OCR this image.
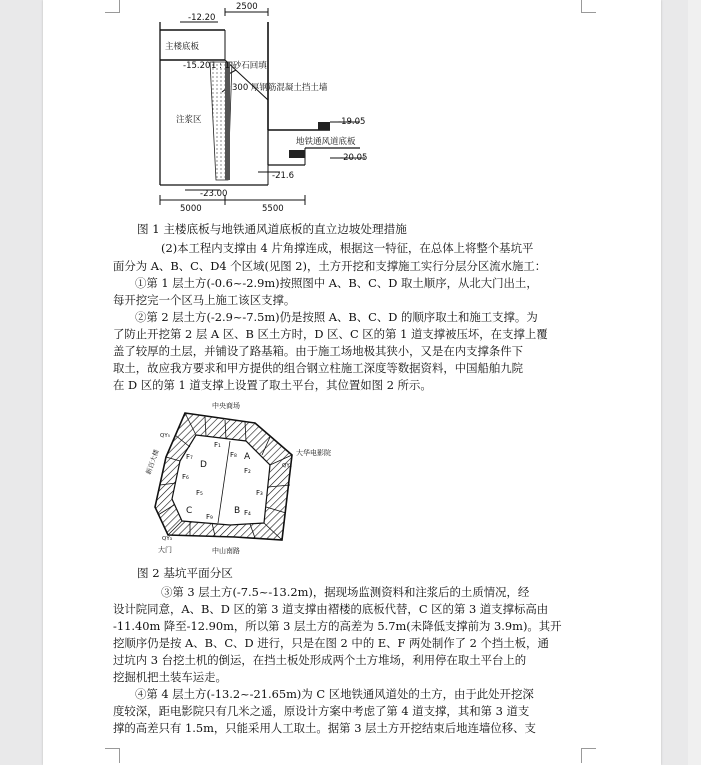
2500
-12.20
主楼底板
-15.20 1 : 1 砂石回填
300 厚钢筋混凝土挡土墙
注浆区	-19.05
地铁通风道底板
-20.05
-21.6
-23.00
5000	5500
图 1 主楼底板与地铁通风道底板的直立边坡处理措施
(2)本工程内支撑由 4 片角撑连成，根据这一特征，在总体上将整个基坑平
面分为 A、B、C、D4 个区域(见图 2)，土方开挖和支撑施工实行分层分区流水施工：
①第 1 层土方(-0.6~-2.9m)按照图中 A、B、C、D 取土顺序，从北大门出土，
每开挖完一个区马上施工该区支撑。
②第 2 层土方(-2.9~-7.5m)仍是按照 A、B、C、D 的顺序取土和施工支撑。为
了防止开挖第 2 层 A 区、B 区土方时，D 区、C 区的第 1 道支撑被压坏，在支撑上覆
盖了较厚的土层，并铺设了路基箱。由于施工场地极其狭小，又是在内支撑条件下
取土，故应我方要求和甲方提供的组合钢立柱施工深度等数据资料，中国船舶九院
在 D 区的第 1 道支撑上设置了取土平台，其位置如图 2 所示。
中央商场
新百大楼	大华电影院
大门	中山南路
A
B
C
D
F₁
F₂
F₃
F₄
F₅
F₆
F₇	F₈
F₉
QY₂
QY₅
QY₃
图 2 基坑平面分区
③第 3 层土方(-7.5~-13.2m)，据现场监测资料和注浆后的土质情况，经
设计院同意，A、B、D 区的第 3 道支撑由褶楼的底板代替，C 区的第 3 道支撑标高由
-11.40m 降至-12.90m，所以第 3 层土方的高差为 5.7m(未降低支撑前为 3.9m)。其开
挖顺序仍是按 A、B、C、D 进行，只是在图 2 中的 E、F 两处制作了 2 个挡土板，通
过坑内 3 台挖土机的倒运，在挡土板处形成两个土方堆场，利用停在取土平台上的
挖掘机把土装车运走。
④第 4 层土方(-13.2~-21.65m)为 C 区地铁通风道处的土方，由于此处开挖深
度较深，距电影院只有几米之遥，原设计方案中考虑了第 4 道支撑，其和第 3 道支
撑的高差只有 1.5m，只能采用人工取土。据第 3 层土方开挖结束后地连墙位移、支
